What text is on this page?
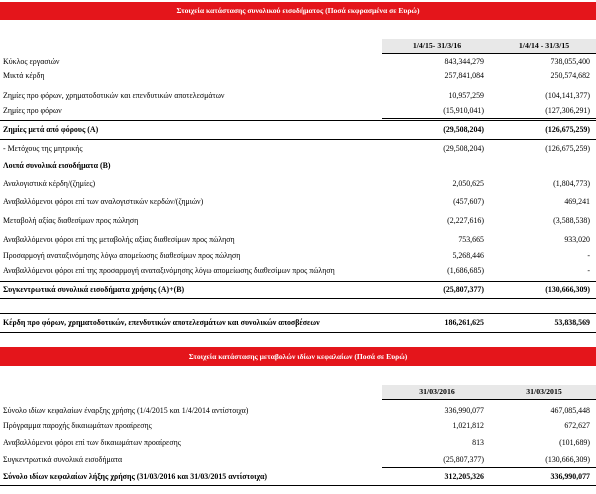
Στοιχεία κατάστασης συνολικού εισοδήματος (Ποσά εκφρασμένα σε Ευρώ)
1/4/15- 31/3/16	1/4/14 - 31/3/15
Κύκλος εργασιών	843,344,279	738,055,400
Μικτά κέρδη	257,841,084	250,574,682
Ζημίες προ φόρων, χρηματοδοτικών και επενδυτικών αποτελεσμάτων	10,957,259	(104,141,377)
Ζημίες προ φόρων	(15,910,041)	(127,306,291)
Ζημίες μετά από φόρους (Α)	(29,508,204)	(126,675,259)
- Μετόχους της μητρικής	(29,508,204)	(126,675,259)
Λοιπά συνολικά εισοδήματα (Β)
Αναλογιστικά κέρδη/(ζημίες)	2,050,625	(1,804,773)
Αναβαλλόμενοι φόροι επί των αναλογιστικών κερδών/(ζημιών)	(457,607)	469,241
Μεταβολή αξίας διαθεσίμων προς πώληση	(2,227,616)	(3,588,538)
Αναβαλλόμενοι φόροι επί της μεταβολής αξίας διαθεσίμων προς πώληση	753,665	933,020
Προσαρμογή αναταξινόμησης λόγω απομείωσης διαθεσίμων προς πώληση	5,268,446	-
Αναβαλλόμενοι φόροι επί της προσαρμογή αναταξινόμησης λόγω απομείωσης διαθεσίμων προς πώληση	(1,686,685)	-
Συγκεντρωτικά συνολικά εισοδήματα χρήσης (Α)+(Β)	(25,807,377)	(130,666,309)
Κέρδη προ φόρων, χρηματοδοτικών, επενδυτικών αποτελεσμάτων και συνολικών αποσβέσεων	186,261,625	53,838,569
Στοιχεία κατάστασης μεταβολών ιδίων κεφαλαίων (Ποσά σε Ευρώ)
31/03/2016	31/03/2015
Σύνολο ιδίων κεφαλαίων έναρξης χρήσης (1/4/2015 και 1/4/2014 αντίστοιχα)	336,990,077	467,085,448
Πρόγραμμα παροχής δικαιωμάτων προαίρεσης	1,021,812	672,627
Αναβαλλόμενοι φόροι επί των δικαιωμάτων προαίρεσης	813	(101,689)
Συγκεντρωτικά συνολικά εισοδήματα	(25,807,377)	(130,666,309)
Σύνολο ιδίων κεφαλαίων λήξης χρήσης (31/03/2016 και 31/03/2015 αντίστοιχα)	312,205,326	336,990,077
